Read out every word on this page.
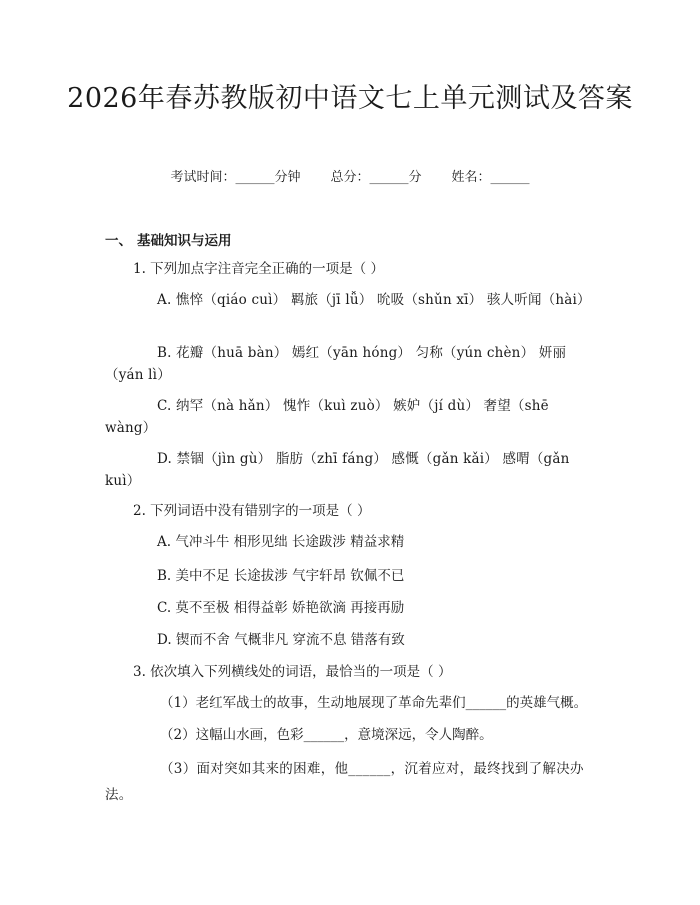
2026年春苏教版初中语文七上单元测试及答案
考试时间：______分钟 总分：______分 姓名：______
一、 基础知识与运用
1. 下列加点字注音完全正确的一项是（ ）
A. 憔悴（qiáo cuì） 羁旅（jī lǚ） 吮吸（shǔn xī） 骇人听闻（hài）
B. 花瓣（huā bàn） 嫣红（yān hóng） 匀称（yún chèn） 妍丽（yán lì）
C. 纳罕（nà hǎn） 愧怍（kuì zuò） 嫉妒（jí dù） 奢望（shē wàng）
D. 禁锢（jìn gù） 脂肪（zhī fáng） 感慨（gǎn kǎi） 感喟（gǎn kuì）
2. 下列词语中没有错别字的一项是（ ）
A. 气冲斗牛 相形见绌 长途跋涉 精益求精
B. 美中不足 长途拔涉 气宇轩昂 钦佩不已
C. 莫不至极 相得益彰 娇艳欲滴 再接再励
D. 锲而不舍 气概非凡 穿流不息 错落有致
3. 依次填入下列横线处的词语，最恰当的一项是（ ）
（1）老红军战士的故事，生动地展现了革命先辈们______的英雄气概。
（2）这幅山水画，色彩______，意境深远，令人陶醉。
（3）面对突如其来的困难，他______，沉着应对，最终找到了解决办法。
